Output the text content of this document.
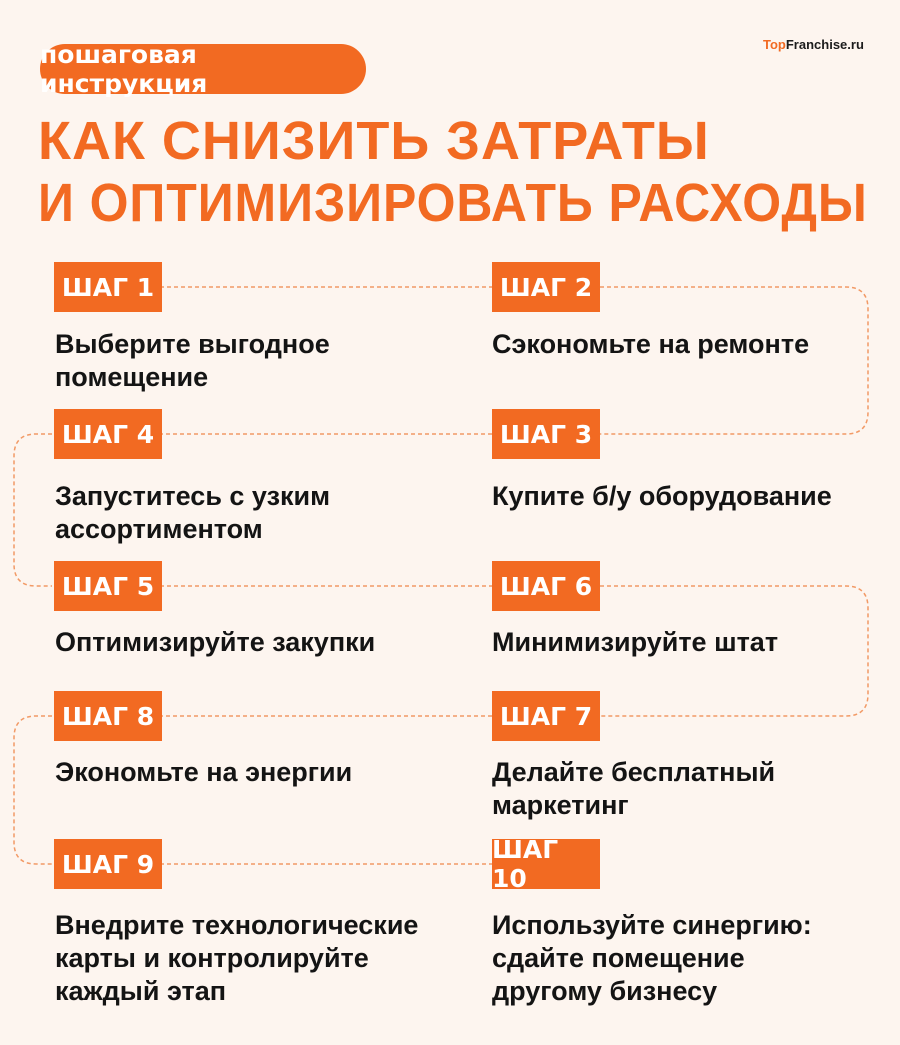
пошаговая инструкция
TopFranchise.ru
КАК СНИЗИТЬ ЗАТРАТЫ
И ОПТИМИЗИРОВАТЬ РАСХОДЫ
ШАГ 1
Выберите выгодное помещение
ШАГ 2
Сэкономьте на ремонте
ШАГ 4
Запуститесь с узким ассортиментом
ШАГ 3
Купите б/у оборудование
ШАГ 5
Оптимизируйте закупки
ШАГ 6
Минимизируйте штат
ШАГ 8
Экономьте на энергии
ШАГ 7
Делайте бесплатный маркетинг
ШАГ 9
Внедрите технологические карты и контролируйте каждый этап
ШАГ 10
Используйте синергию: сдайте помещение другому бизнесу
